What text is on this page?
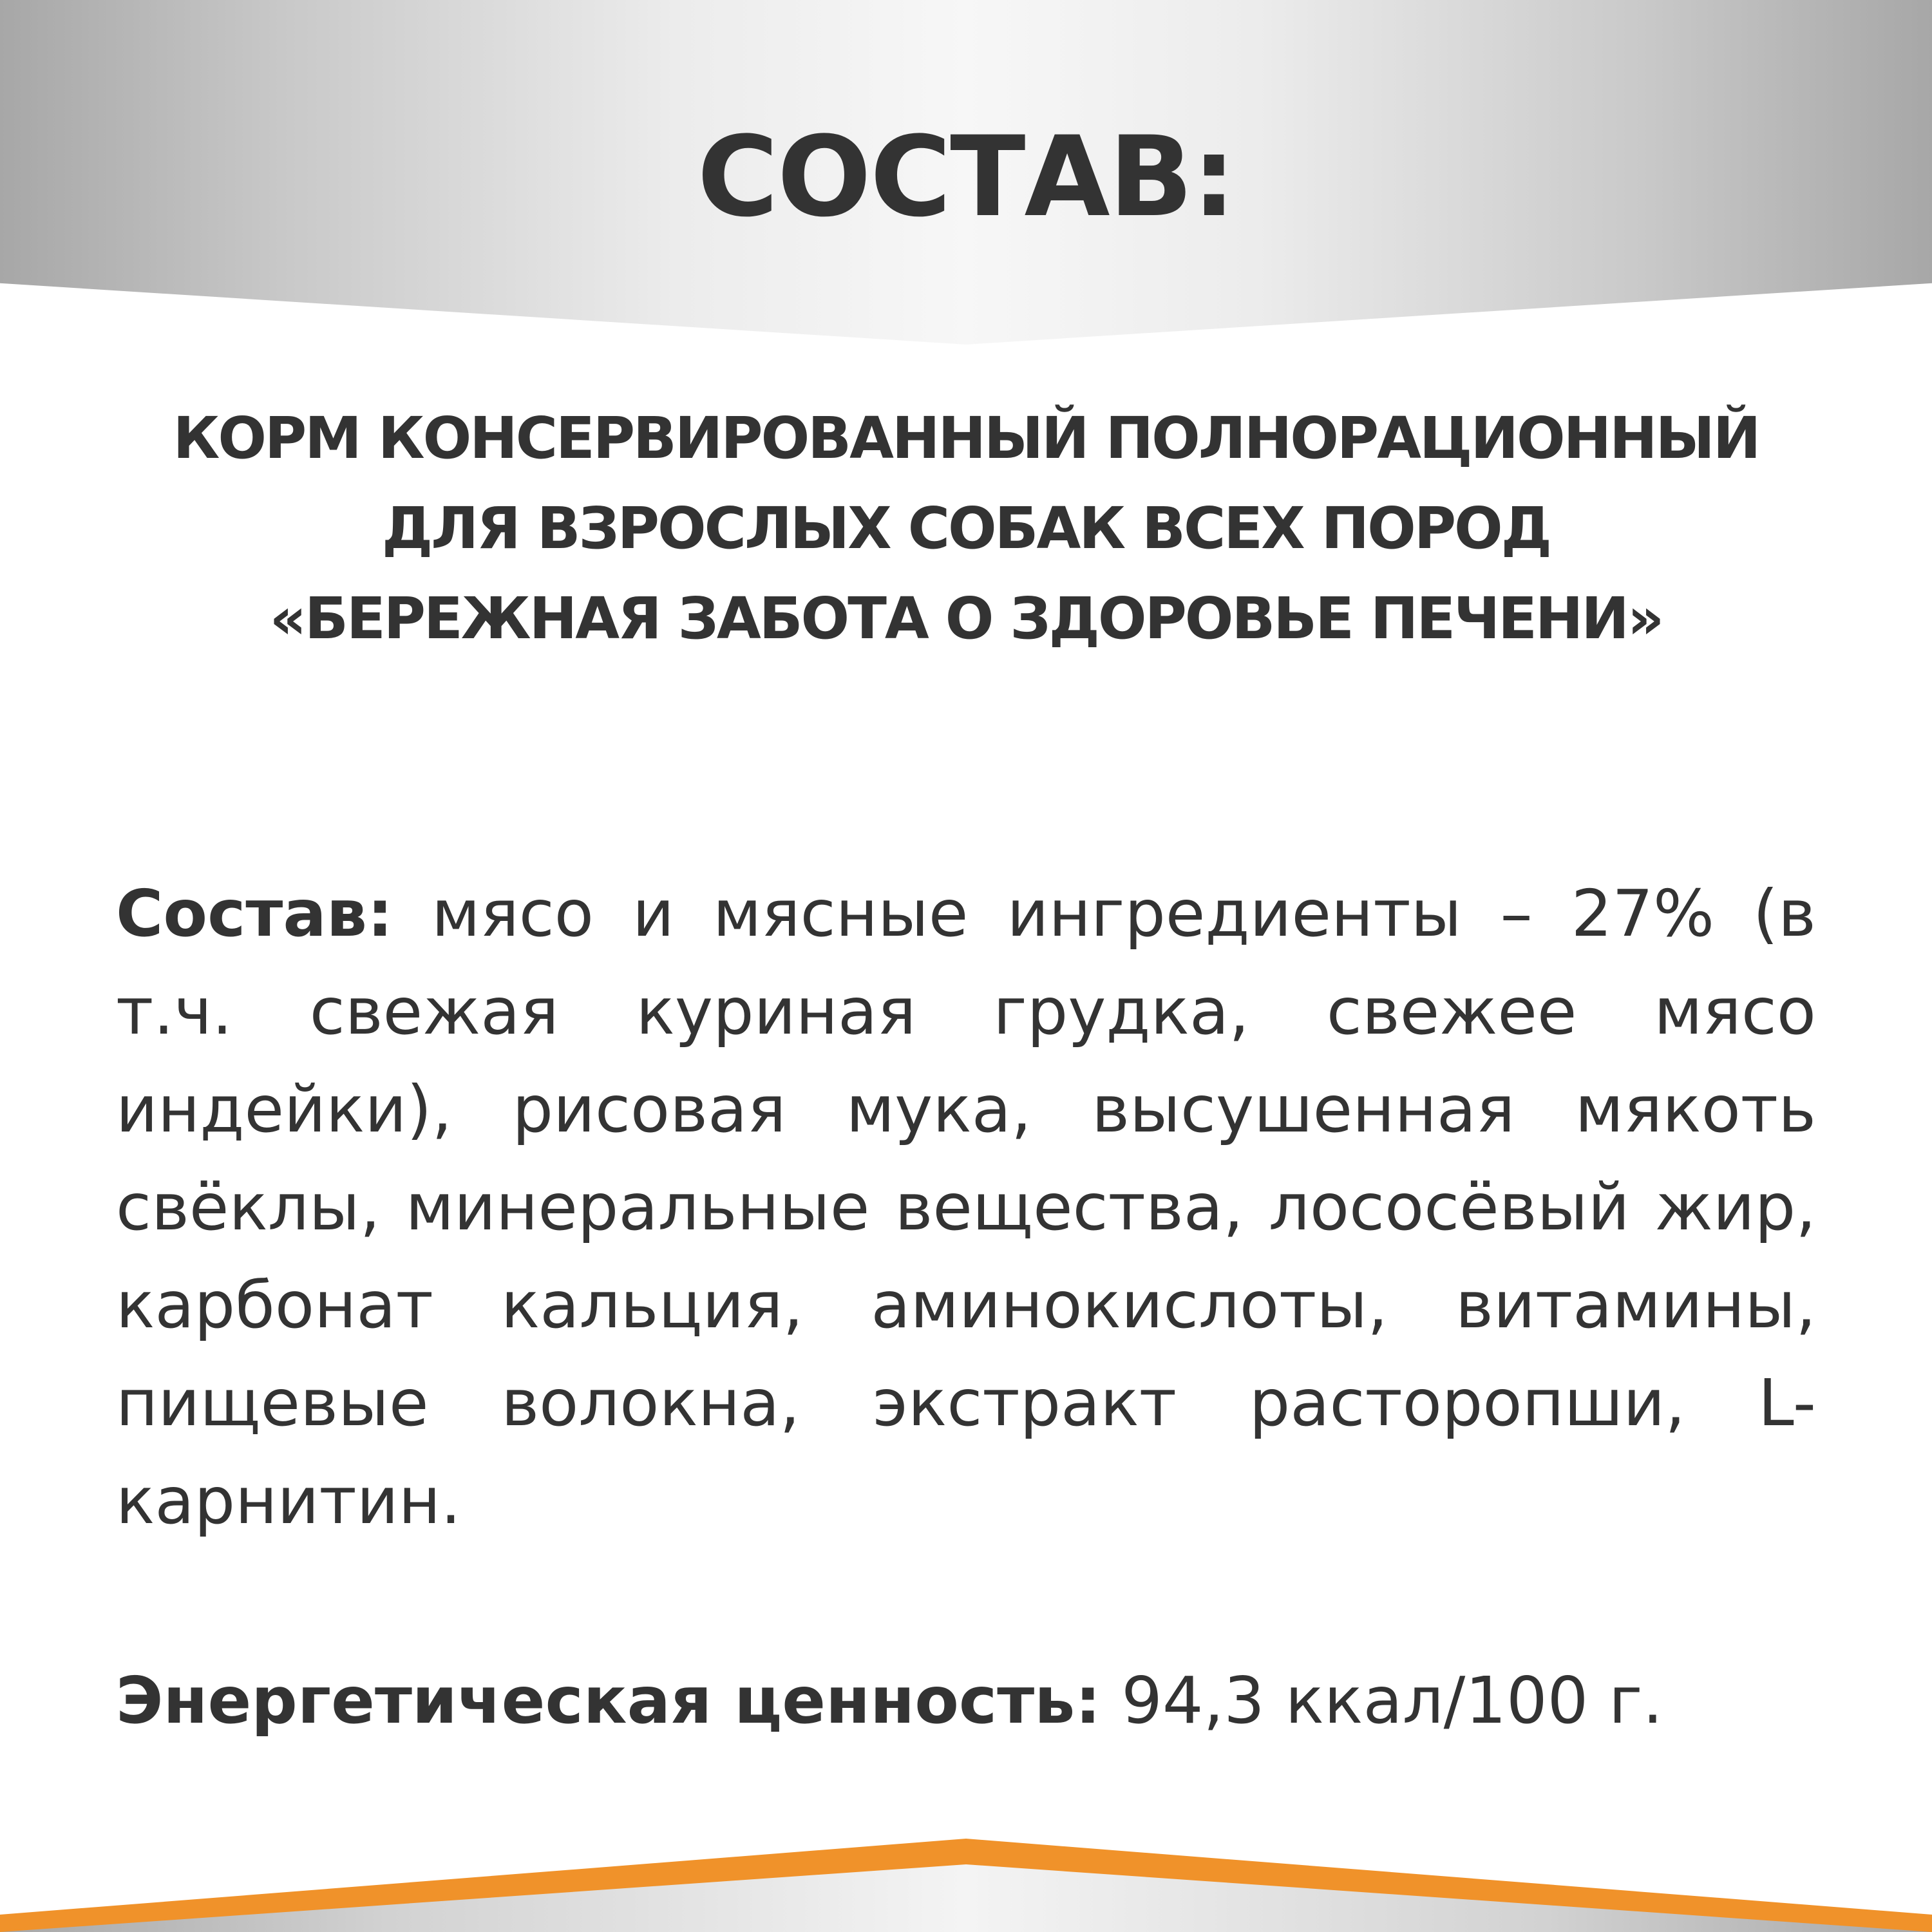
СОСТАВ:
КОРМ КОНСЕРВИРОВАННЫЙ ПОЛНОРАЦИОННЫЙ
ДЛЯ ВЗРОСЛЫХ СОБАК ВСЕХ ПОРОД
«БЕРЕЖНАЯ ЗАБОТА О ЗДОРОВЬЕ ПЕЧЕНИ»

Состав: мясо и мясные ингредиенты – 27% (в т.ч. свежая куриная грудка, свежее мясо индейки), рисовая мука, высушенная мякоть свёклы, минеральные вещества, лососёвый жир, карбонат кальция, аминокислоты, витамины, пищевые волокна, экстракт расторопши, L-карнитин.

Энергетическая ценность: 94,3 ккал/100 г.
